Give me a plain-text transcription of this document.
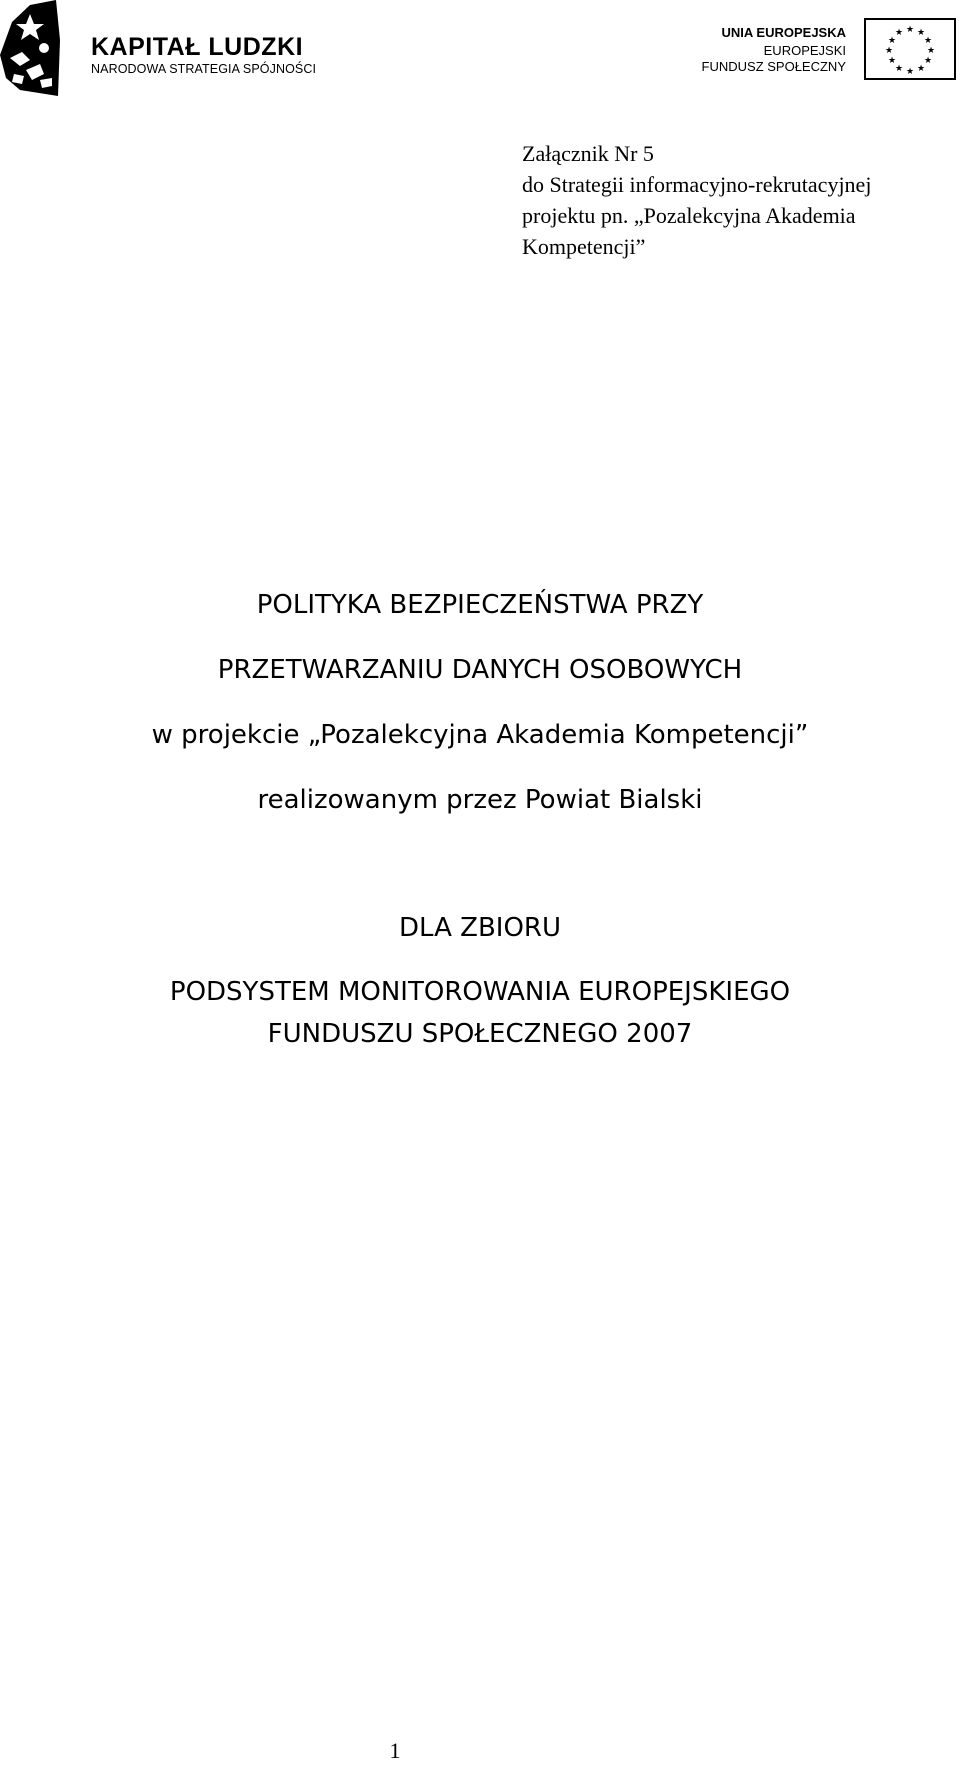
KAPITAŁ LUDZKI
NARODOWA STRATEGIA SPÓJNOŚCI
UNIA EUROPEJSKA
EUROPEJSKI
FUNDUSZ SPOŁECZNY
★ ★
★
★
★
★
★
★
★
★
★
★
Załącznik Nr 5
do Strategii informacyjno-rekrutacyjnej
projektu pn. „Pozalekcyjna Akademia
Kompetencji”
POLITYKA BEZPIECZEŃSTWA PRZY
PRZETWARZANIU DANYCH OSOBOWYCH
w projekcie „Pozalekcyjna Akademia Kompetencji”
realizowanym przez Powiat Bialski
DLA ZBIORU
PODSYSTEM MONITOROWANIA EUROPEJSKIEGO
FUNDUSZU SPOŁECZNEGO 2007
1
